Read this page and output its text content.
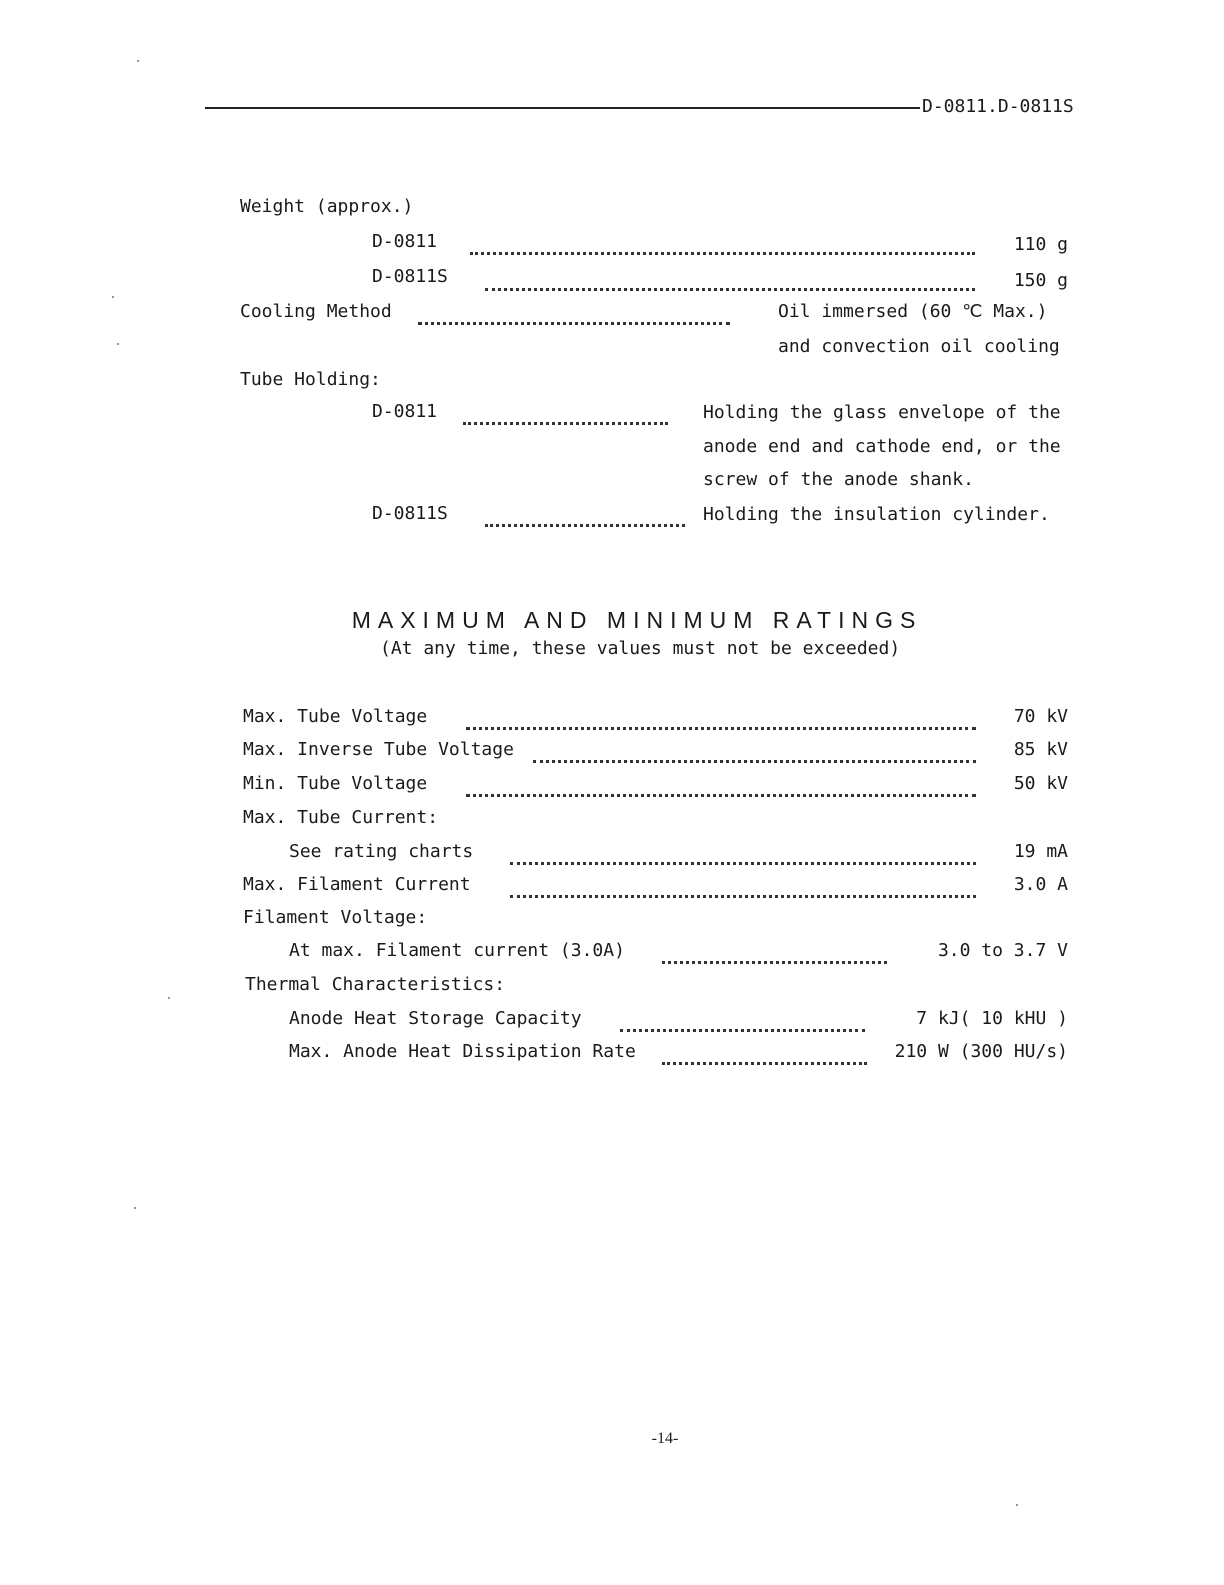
D-0811.D-0811S
Weight (approx.)
D-0811	110 g
D-0811S	150 g
Cooling Method	Oil immersed (60 ℃ Max.)
and convection oil cooling
Tube Holding:
D-0811	Holding the glass envelope of the
anode end and cathode end, or the
screw of the anode shank.
D-0811S	Holding the insulation cylinder.
MAXIMUM AND MINIMUM RATINGS
(At any time, these values must not be exceeded)
Max. Tube Voltage	70 kV
Max. Inverse Tube Voltage	85 kV
Min. Tube Voltage	50 kV
Max. Tube Current:
See rating charts	19 mA
Max. Filament Current	3.0 A
Filament Voltage:
At max. Filament current (3.0A)	3.0 to 3.7 V
Thermal Characteristics:
Anode Heat Storage Capacity	7 kJ( 10 kHU )
Max. Anode Heat Dissipation Rate	210 W (300 HU/s)
-14-
